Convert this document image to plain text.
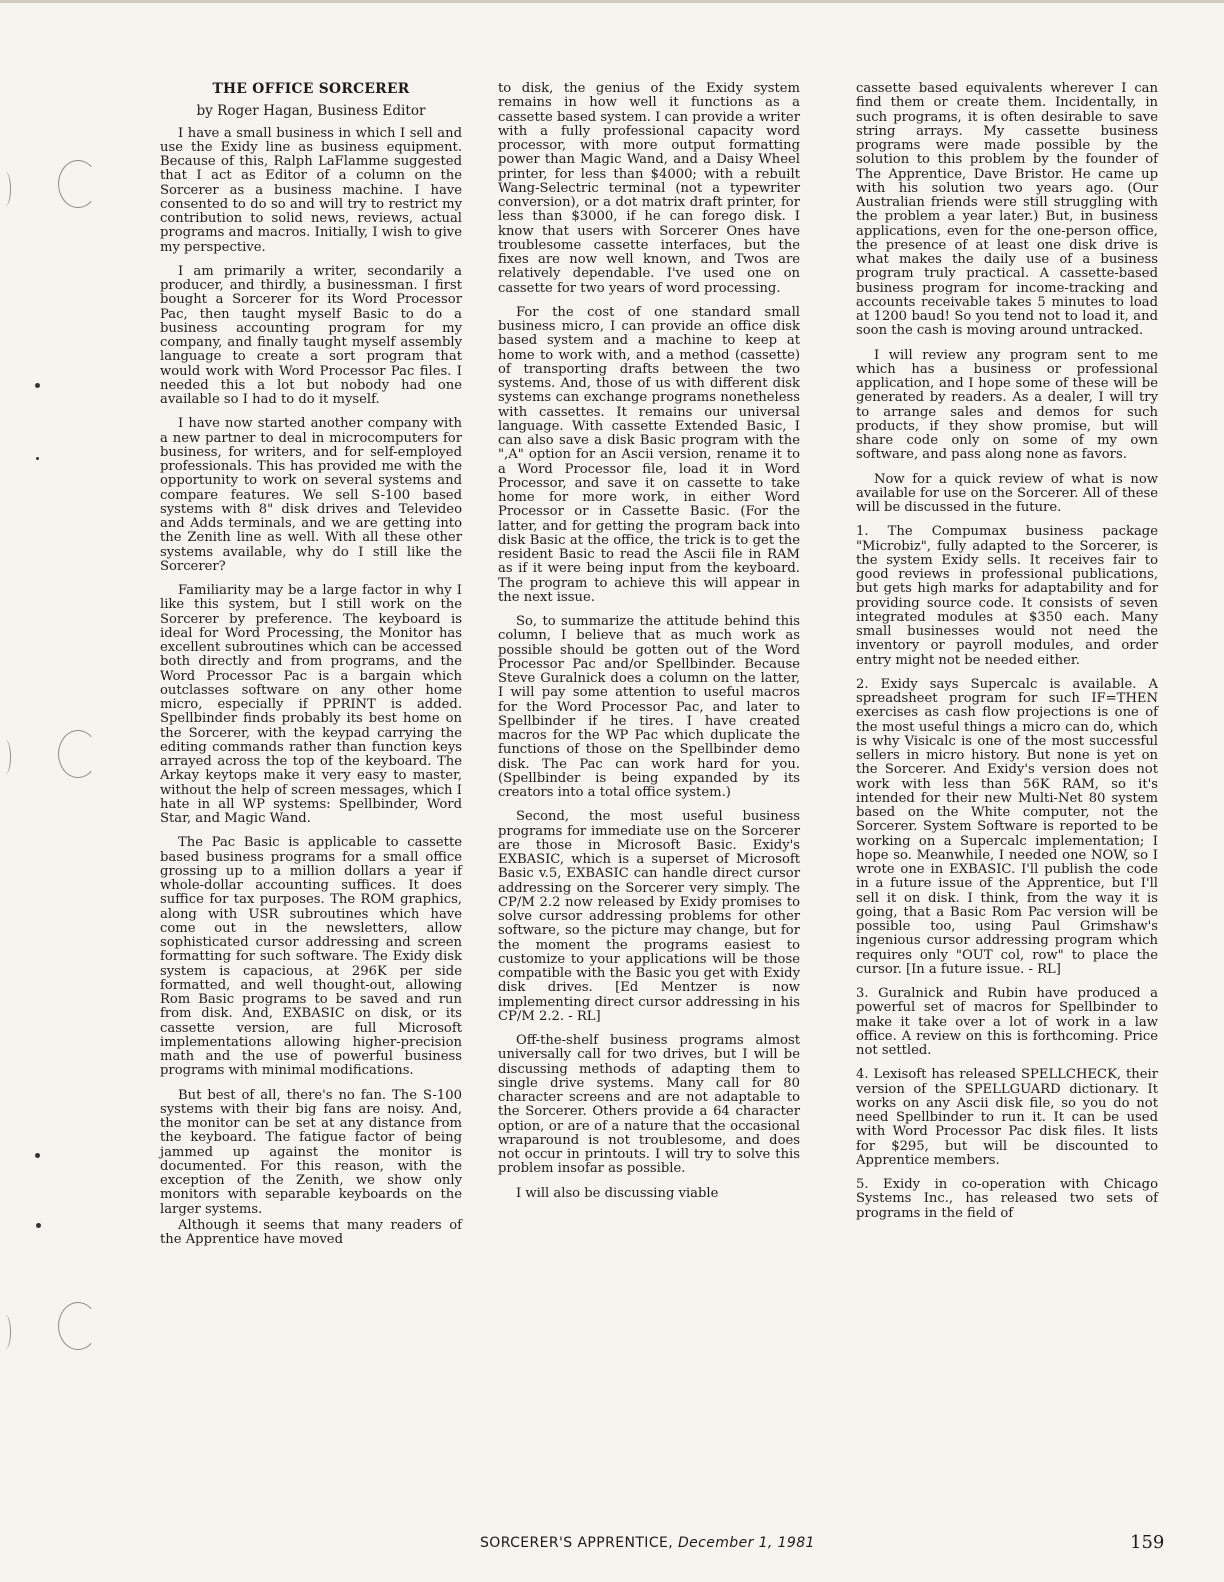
THE OFFICE SORCERER
by Roger Hagan, Business Editor

I have a small business in which I sell and use the Exidy line as business equipment. Because of this, Ralph LaFlamme suggested that I act as Editor of a column on the Sorcerer as a business machine. I have consented to do so and will try to restrict my contribution to solid news, reviews, actual programs and macros. Initially, I wish to give my perspective.

I am primarily a writer, secondarily a producer, and thirdly, a businessman. I first bought a Sorcerer for its Word Processor Pac, then taught myself Basic to do a business accounting program for my company, and finally taught myself assembly language to create a sort program that would work with Word Processor Pac files. I needed this a lot but nobody had one available so I had to do it myself.

I have now started another company with a new partner to deal in microcomputers for business, for writers, and for self-employed professionals. This has provided me with the opportunity to work on several systems and compare features. We sell S-100 based systems with 8" disk drives and Televideo and Adds terminals, and we are getting into the Zenith line as well. With all these other systems available, why do I still like the Sorcerer?

Familiarity may be a large factor in why I like this system, but I still work on the Sorcerer by preference. The keyboard is ideal for Word Processing, the Monitor has excellent subroutines which can be accessed both directly and from programs, and the Word Processor Pac is a bargain which outclasses software on any other home micro, especially if PPRINT is added. Spellbinder finds probably its best home on the Sorcerer, with the keypad carrying the editing commands rather than function keys arrayed across the top of the keyboard. The Arkay keytops make it very easy to master, without the help of screen messages, which I hate in all WP systems: Spellbinder, Word Star, and Magic Wand.

The Pac Basic is applicable to cassette based business programs for a small office grossing up to a million dollars a year if whole-dollar accounting suffices. It does suffice for tax purposes. The ROM graphics, along with USR subroutines which have come out in the newsletters, allow sophisticated cursor addressing and screen formatting for such software. The Exidy disk system is capacious, at 296K per side formatted, and well thought-out, allowing Rom Basic programs to be saved and run from disk. And, EXBASIC on disk, or its cassette version, are full Microsoft implementations allowing higher-precision math and the use of powerful business programs with minimal modifications.

But best of all, there's no fan. The S-100 systems with their big fans are noisy. And, the monitor can be set at any distance from the keyboard. The fatigue factor of being jammed up against the monitor is documented. For this reason, with the exception of the Zenith, we show only monitors with separable keyboards on the larger systems.

Although it seems that many readers of the Apprentice have moved

to disk, the genius of the Exidy system remains in how well it functions as a cassette based system. I can provide a writer with a fully professional capacity word processor, with more output formatting power than Magic Wand, and a Daisy Wheel printer, for less than $4000; with a rebuilt Wang-Selectric terminal (not a typewriter conversion), or a dot matrix draft printer, for less than $3000, if he can forego disk. I know that users with Sorcerer Ones have troublesome cassette interfaces, but the fixes are now well known, and Twos are relatively dependable. I've used one on cassette for two years of word processing.

For the cost of one standard small business micro, I can provide an office disk based system and a machine to keep at home to work with, and a method (cassette) of transporting drafts between the two systems. And, those of us with different disk systems can exchange programs nonetheless with cassettes. It remains our universal language. With cassette Extended Basic, I can also save a disk Basic program with the ",A" option for an Ascii version, rename it to a Word Processor file, load it in Word Processor, and save it on cassette to take home for more work, in either Word Processor or in Cassette Basic. (For the latter, and for getting the program back into disk Basic at the office, the trick is to get the resident Basic to read the Ascii file in RAM as if it were being input from the keyboard. The program to achieve this will appear in the next issue.

So, to summarize the attitude behind this column, I believe that as much work as possible should be gotten out of the Word Processor Pac and/or Spellbinder. Because Steve Guralnick does a column on the latter, I will pay some attention to useful macros for the Word Processor Pac, and later to Spellbinder if he tires. I have created macros for the WP Pac which duplicate the functions of those on the Spellbinder demo disk. The Pac can work hard for you. (Spellbinder is being expanded by its creators into a total office system.)

Second, the most useful business programs for immediate use on the Sorcerer are those in Microsoft Basic. Exidy's EXBASIC, which is a superset of Microsoft Basic v.5, EXBASIC can handle direct cursor addressing on the Sorcerer very simply. The CP/M 2.2 now released by Exidy promises to solve cursor addressing problems for other software, so the picture may change, but for the moment the programs easiest to customize to your applications will be those compatible with the Basic you get with Exidy disk drives. [Ed Mentzer is now implementing direct cursor addressing in his CP/M 2.2. - RL]

Off-the-shelf business programs almost universally call for two drives, but I will be discussing methods of adapting them to single drive systems. Many call for 80 character screens and are not adaptable to the Sorcerer. Others provide a 64 character option, or are of a nature that the occasional wraparound is not troublesome, and does not occur in printouts. I will try to solve this problem insofar as possible.

I will also be discussing viable

cassette based equivalents wherever I can find them or create them. Incidentally, in such programs, it is often desirable to save string arrays. My cassette business programs were made possible by the solution to this problem by the founder of The Apprentice, Dave Bristor. He came up with his solution two years ago. (Our Australian friends were still struggling with the problem a year later.) But, in business applications, even for the one-person office, the presence of at least one disk drive is what makes the daily use of a business program truly practical. A cassette-based business program for income-tracking and accounts receivable takes 5 minutes to load at 1200 baud! So you tend not to load it, and soon the cash is moving around untracked.

I will review any program sent to me which has a business or professional application, and I hope some of these will be generated by readers. As a dealer, I will try to arrange sales and demos for such products, if they show promise, but will share code only on some of my own software, and pass along none as favors.

Now for a quick review of what is now available for use on the Sorcerer. All of these will be discussed in the future.

1. The Compumax business package "Microbiz", fully adapted to the Sorcerer, is the system Exidy sells. It receives fair to good reviews in professional publications, but gets high marks for adaptability and for providing source code. It consists of seven integrated modules at $350 each. Many small businesses would not need the inventory or payroll modules, and order entry might not be needed either.

2. Exidy says Supercalc is available. A spreadsheet program for such IF=THEN exercises as cash flow projections is one of the most useful things a micro can do, which is why Visicalc is one of the most successful sellers in micro history. But none is yet on the Sorcerer. And Exidy's version does not work with less than 56K RAM, so it's intended for their new Multi-Net 80 system based on the White computer, not the Sorcerer. System Software is reported to be working on a Supercalc implementation; I hope so. Meanwhile, I needed one NOW, so I wrote one in EXBASIC. I'll publish the code in a future issue of the Apprentice, but I'll sell it on disk. I think, from the way it is going, that a Basic Rom Pac version will be possible too, using Paul Grimshaw's ingenious cursor addressing program which requires only "OUT col, row" to place the cursor. [In a future issue. - RL]

3. Guralnick and Rubin have produced a powerful set of macros for Spellbinder to make it take over a lot of work in a law office. A review on this is forthcoming. Price not settled.

4. Lexisoft has released SPELLCHECK, their version of the SPELLGUARD dictionary. It works on any Ascii disk file, so you do not need Spellbinder to run it. It can be used with Word Processor Pac disk files. It lists for $295, but will be discounted to Apprentice members.

5. Exidy in co-operation with Chicago Systems Inc., has released two sets of programs in the field of

SORCERER'S APPRENTICE, December 1, 1981	159
